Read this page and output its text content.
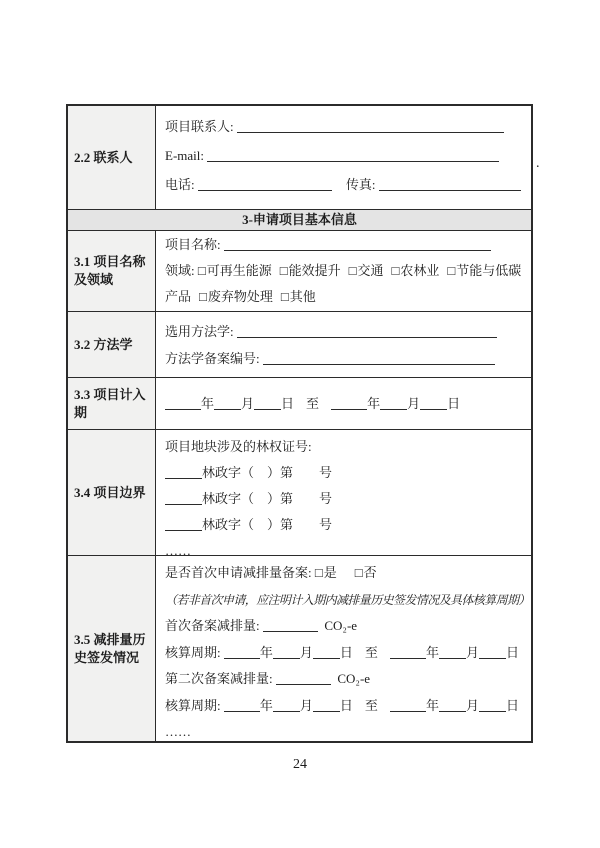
2.2 联系人
项目联系人:
E-mail:
电话:	传真:
3-申请项目基本信息
3.1 项目名称及领域
项目名称:
领域: □可再生能源 □能效提升 □交通 □农林业 □节能与低碳产品 □废弃物处理 □其他
3.2 方法学
选用方法学:
方法学备案编号:
3.3 项目计入期
年 月 日 至	年 月 日
3.4 项目边界
项目地块涉及的林权证号:
林政字（　）第　　号
林政字（　）第　　号
林政字（　）第　　号
……
3.5 减排量历史签发情况
是否首次申请减排量备案: □是 □否
（若非首次申请，应注明计入期内减排量历史签发情况及具体核算周期）
首次备案减排量:	CO₂-e
核算周期:	年 月 日 至	年 月 日
第二次备案减排量:	CO₂-e
核算周期:	年 月 日 至	年 月 日
……
.
24
